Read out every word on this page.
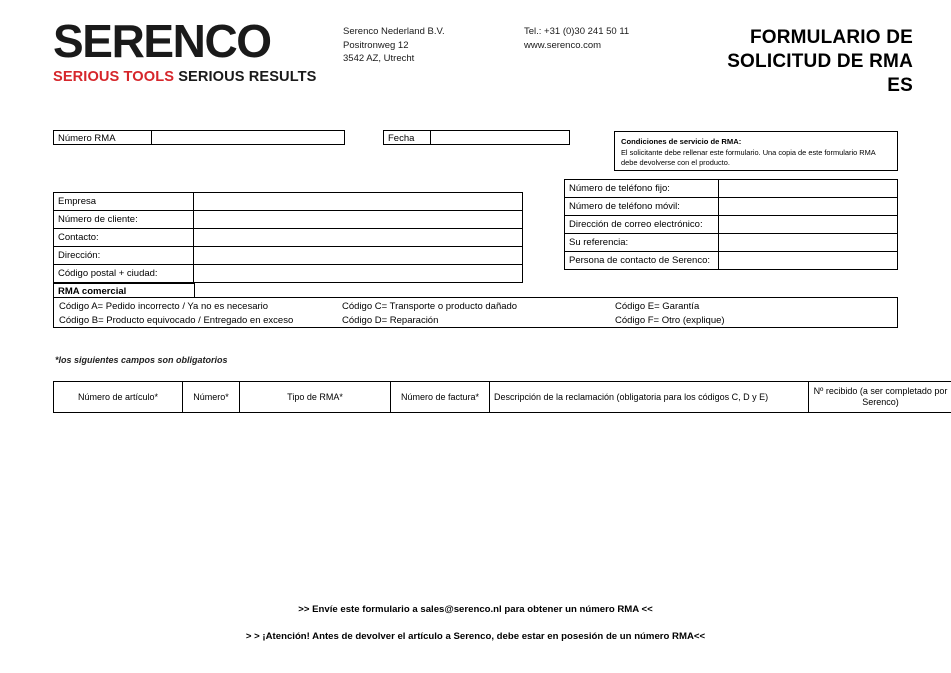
SERENCO
SERIOUS TOOLS SERIOUS RESULTS
Serenco Nederland B.V.
Positronweg 12
3542 AZ, Utrecht
Tel.: +31 (0)30 241 50 11
www.serenco.com	FORMULARIO DE
SOLICITUD DE RMA
ES
Número RMA	Fecha	Condiciones de servicio de RMA:
El solicitante debe rellenar este formulario. Una copia de este formulario RMA debe devolverse con el producto.
Empresa	
Número de cliente:	
Contacto:	
Dirección:	
Código postal + ciudad:	
Número de teléfono fijo:	
Número de teléfono móvil:	
Dirección de correo electrónico:	
Su referencia:	
Persona de contacto de Serenco:	
RMA comercial
Código A= Pedido incorrecto / Ya no es necesario
Código B= Producto equivocado / Entregado en exceso
Código C= Transporte o producto dañado
Código D= Reparación
Código E= Garantía
Código F= Otro (explique)
*los siguientes campos son obligatorios
Número de artículo*	Número*	Tipo de RMA*	Número de factura*	Descripción de la reclamación (obligatoria para los códigos C, D y E)	Nº recibido (a ser completado por Serenco)
>> Envíe este formulario a sales@serenco.nl para obtener un número RMA <<
> > ¡Atención! Antes de devolver el artículo a Serenco, debe estar en posesión de un número RMA<<
